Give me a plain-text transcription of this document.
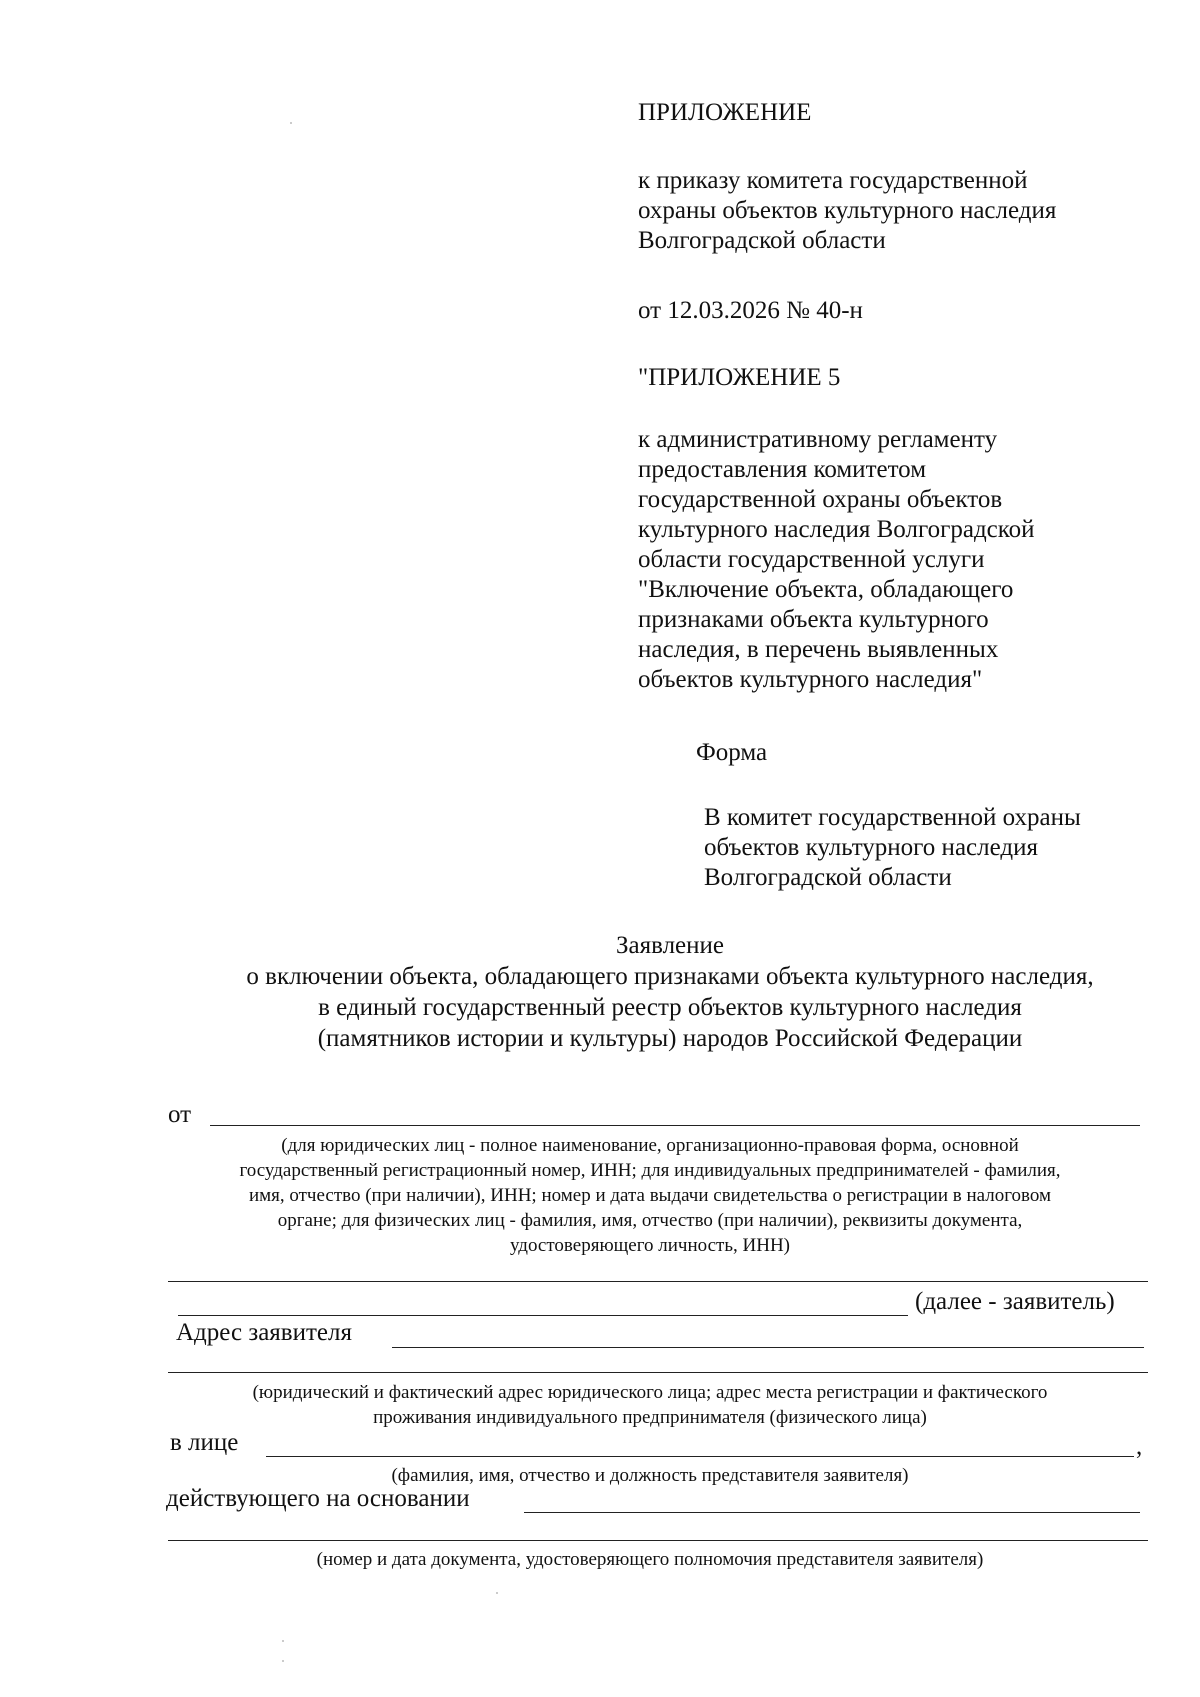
ПРИЛОЖЕНИЕ
к приказу комитета государственной
охраны объектов культурного наследия
Волгоградской области
от 12.03.2026 № 40-н
"ПРИЛОЖЕНИЕ 5
к административному регламенту
предоставления комитетом
государственной охраны объектов
культурного наследия Волгоградской
области государственной услуги
"Включение объекта, обладающего
признаками объекта культурного
наследия, в перечень выявленных
объектов культурного наследия"
Форма
В комитет государственной охраны
объектов культурного наследия
Волгоградской области
Заявление
о включении объекта, обладающего признаками объекта культурного наследия,
в единый государственный реестр объектов культурного наследия
(памятников истории и культуры) народов Российской Федерации
от
(для юридических лиц - полное наименование, организационно-правовая форма, основной
государственный регистрационный номер, ИНН; для индивидуальных предпринимателей - фамилия,
имя, отчество (при наличии), ИНН; номер и дата выдачи свидетельства о регистрации в налоговом
органе; для физических лиц - фамилия, имя, отчество (при наличии), реквизиты документа,
удостоверяющего личность, ИНН)
(далее - заявитель)
Адрес заявителя
(юридический и фактический адрес юридического лица; адрес места регистрации и фактического
проживания индивидуального предпринимателя (физического лица)
в лице	,
(фамилия, имя, отчество и должность представителя заявителя)
действующего на основании
(номер и дата документа, удостоверяющего полномочия представителя заявителя)
